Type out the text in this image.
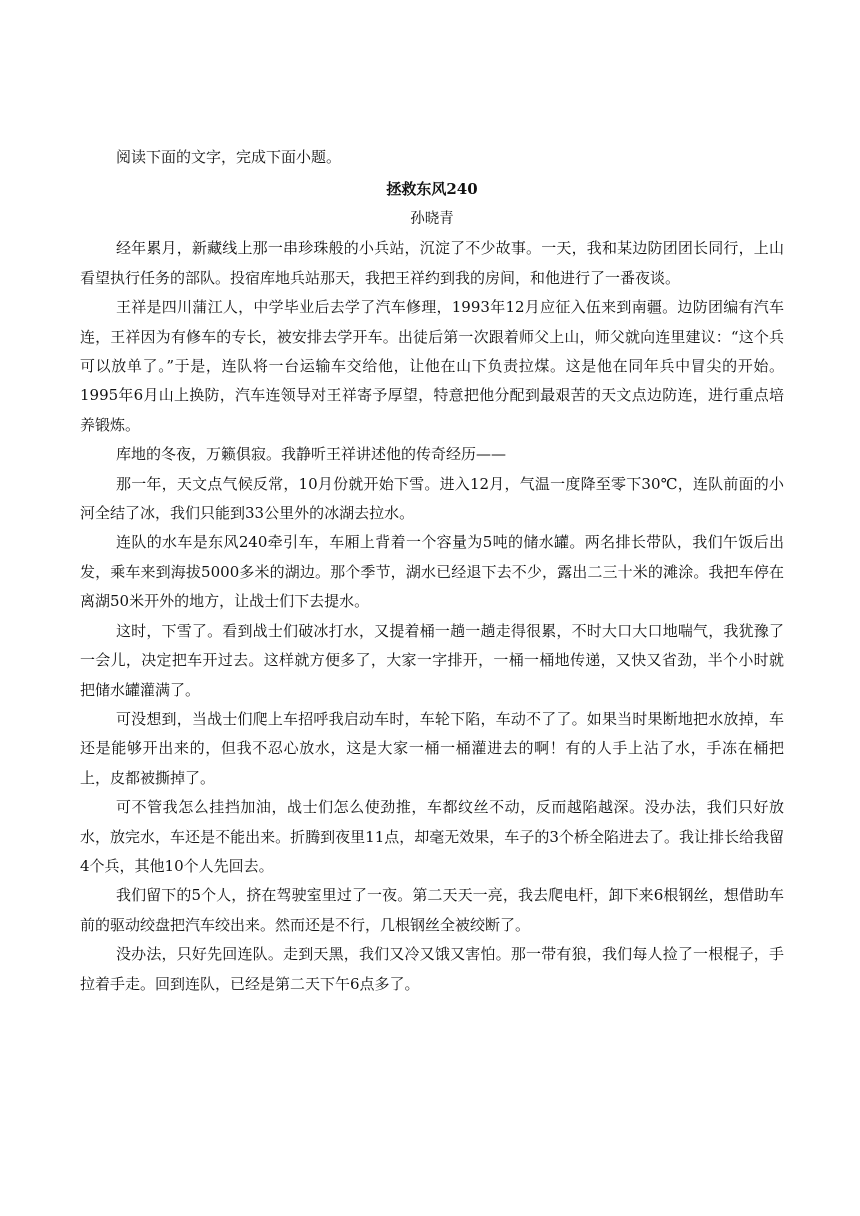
阅读下面的文字，完成下面小题。

拯救东风240
孙晓青

经年累月，新藏线上那一串珍珠般的小兵站，沉淀了不少故事。一天，我和某边防团团长同行，上山看望执行任务的部队。投宿库地兵站那天，我把王祥约到我的房间，和他进行了一番夜谈。

王祥是四川蒲江人，中学毕业后去学了汽车修理，1993年12月应征入伍来到南疆。边防团编有汽车连，王祥因为有修车的专长，被安排去学开车。出徒后第一次跟着师父上山，师父就向连里建议：“这个兵可以放单了。”于是，连队将一台运输车交给他，让他在山下负责拉煤。这是他在同年兵中冒尖的开始。1995年6月山上换防，汽车连领导对王祥寄予厚望，特意把他分配到最艰苦的天文点边防连，进行重点培养锻炼。

库地的冬夜，万籁俱寂。我静听王祥讲述他的传奇经历——

那一年，天文点气候反常，10月份就开始下雪。进入12月，气温一度降至零下30℃，连队前面的小河全结了冰，我们只能到33公里外的冰湖去拉水。

连队的水车是东风240牵引车，车厢上背着一个容量为5吨的储水罐。两名排长带队，我们午饭后出发，乘车来到海拔5000多米的湖边。那个季节，湖水已经退下去不少，露出二三十米的滩涂。我把车停在离湖50米开外的地方，让战士们下去提水。

这时，下雪了。看到战士们破冰打水，又提着桶一趟一趟走得很累，不时大口大口地喘气，我犹豫了一会儿，决定把车开过去。这样就方便多了，大家一字排开，一桶一桶地传递，又快又省劲，半个小时就把储水罐灌满了。

可没想到，当战士们爬上车招呼我启动车时，车轮下陷，车动不了了。如果当时果断地把水放掉，车还是能够开出来的，但我不忍心放水，这是大家一桶一桶灌进去的啊！有的人手上沾了水，手冻在桶把上，皮都被撕掉了。

可不管我怎么挂挡加油，战士们怎么使劲推，车都纹丝不动，反而越陷越深。没办法，我们只好放水，放完水，车还是不能出来。折腾到夜里11点，却毫无效果，车子的3个桥全陷进去了。我让排长给我留4个兵，其他10个人先回去。

我们留下的5个人，挤在驾驶室里过了一夜。第二天天一亮，我去爬电杆，卸下来6根钢丝，想借助车前的驱动绞盘把汽车绞出来。然而还是不行，几根钢丝全被绞断了。

没办法，只好先回连队。走到天黑，我们又冷又饿又害怕。那一带有狼，我们每人捡了一根棍子，手拉着手走。回到连队，已经是第二天下午6点多了。
